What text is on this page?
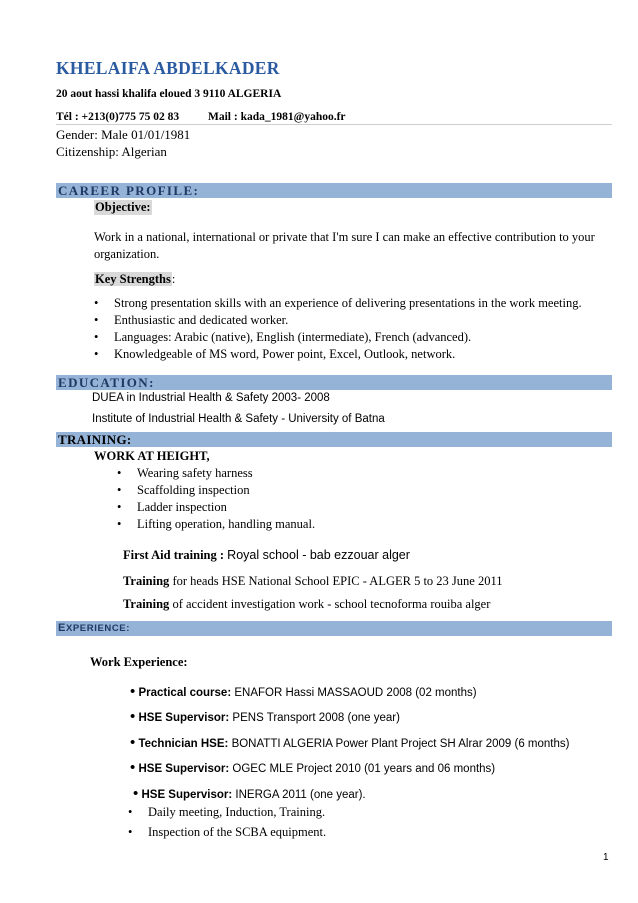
KHELAIFA ABDELKADER
20 aout hassi khalifa eloued 3 9110 ALGERIA
Tél : +213(0)775 75 02 83	Mail : kada_1981@yahoo.fr
Gender: Male 01/01/1981
Citizenship: Algerian
CAREER PROFILE:
Objective:
Work in a national, international or private that I'm sure I can make an effective contribution to your organization.
Key Strengths:
• Strong presentation skills with an experience of delivering presentations in the work meeting.
• Enthusiastic and dedicated worker.
• Languages: Arabic (native), English (intermediate), French (advanced).
• Knowledgeable of MS word, Power point, Excel, Outlook, network.
EDUCATION:
DUEA in Industrial Health & Safety 2003- 2008
Institute of Industrial Health & Safety - University of Batna
TRAINING:
WORK AT HEIGHT,
• Wearing safety harness
• Scaffolding inspection
• Ladder inspection
• Lifting operation, handling manual.
First Aid training : Royal school - bab ezzouar alger
Training for heads HSE National School EPIC - ALGER 5 to 23 June 2011
Training of accident investigation work - school tecnoforma rouiba alger
EXPERIENCE:
Work Experience:
• Practical course: ENAFOR Hassi MASSAOUD 2008 (02 months)
• HSE Supervisor: PENS Transport 2008 (one year)
• Technician HSE: BONATTI ALGERIA Power Plant Project SH Alrar 2009 (6 months)
• HSE Supervisor: OGEC MLE Project 2010 (01 years and 06 months)
• HSE Supervisor: INERGA 2011 (one year).
• Daily meeting, Induction, Training.
• Inspection of the SCBA equipment.
1
